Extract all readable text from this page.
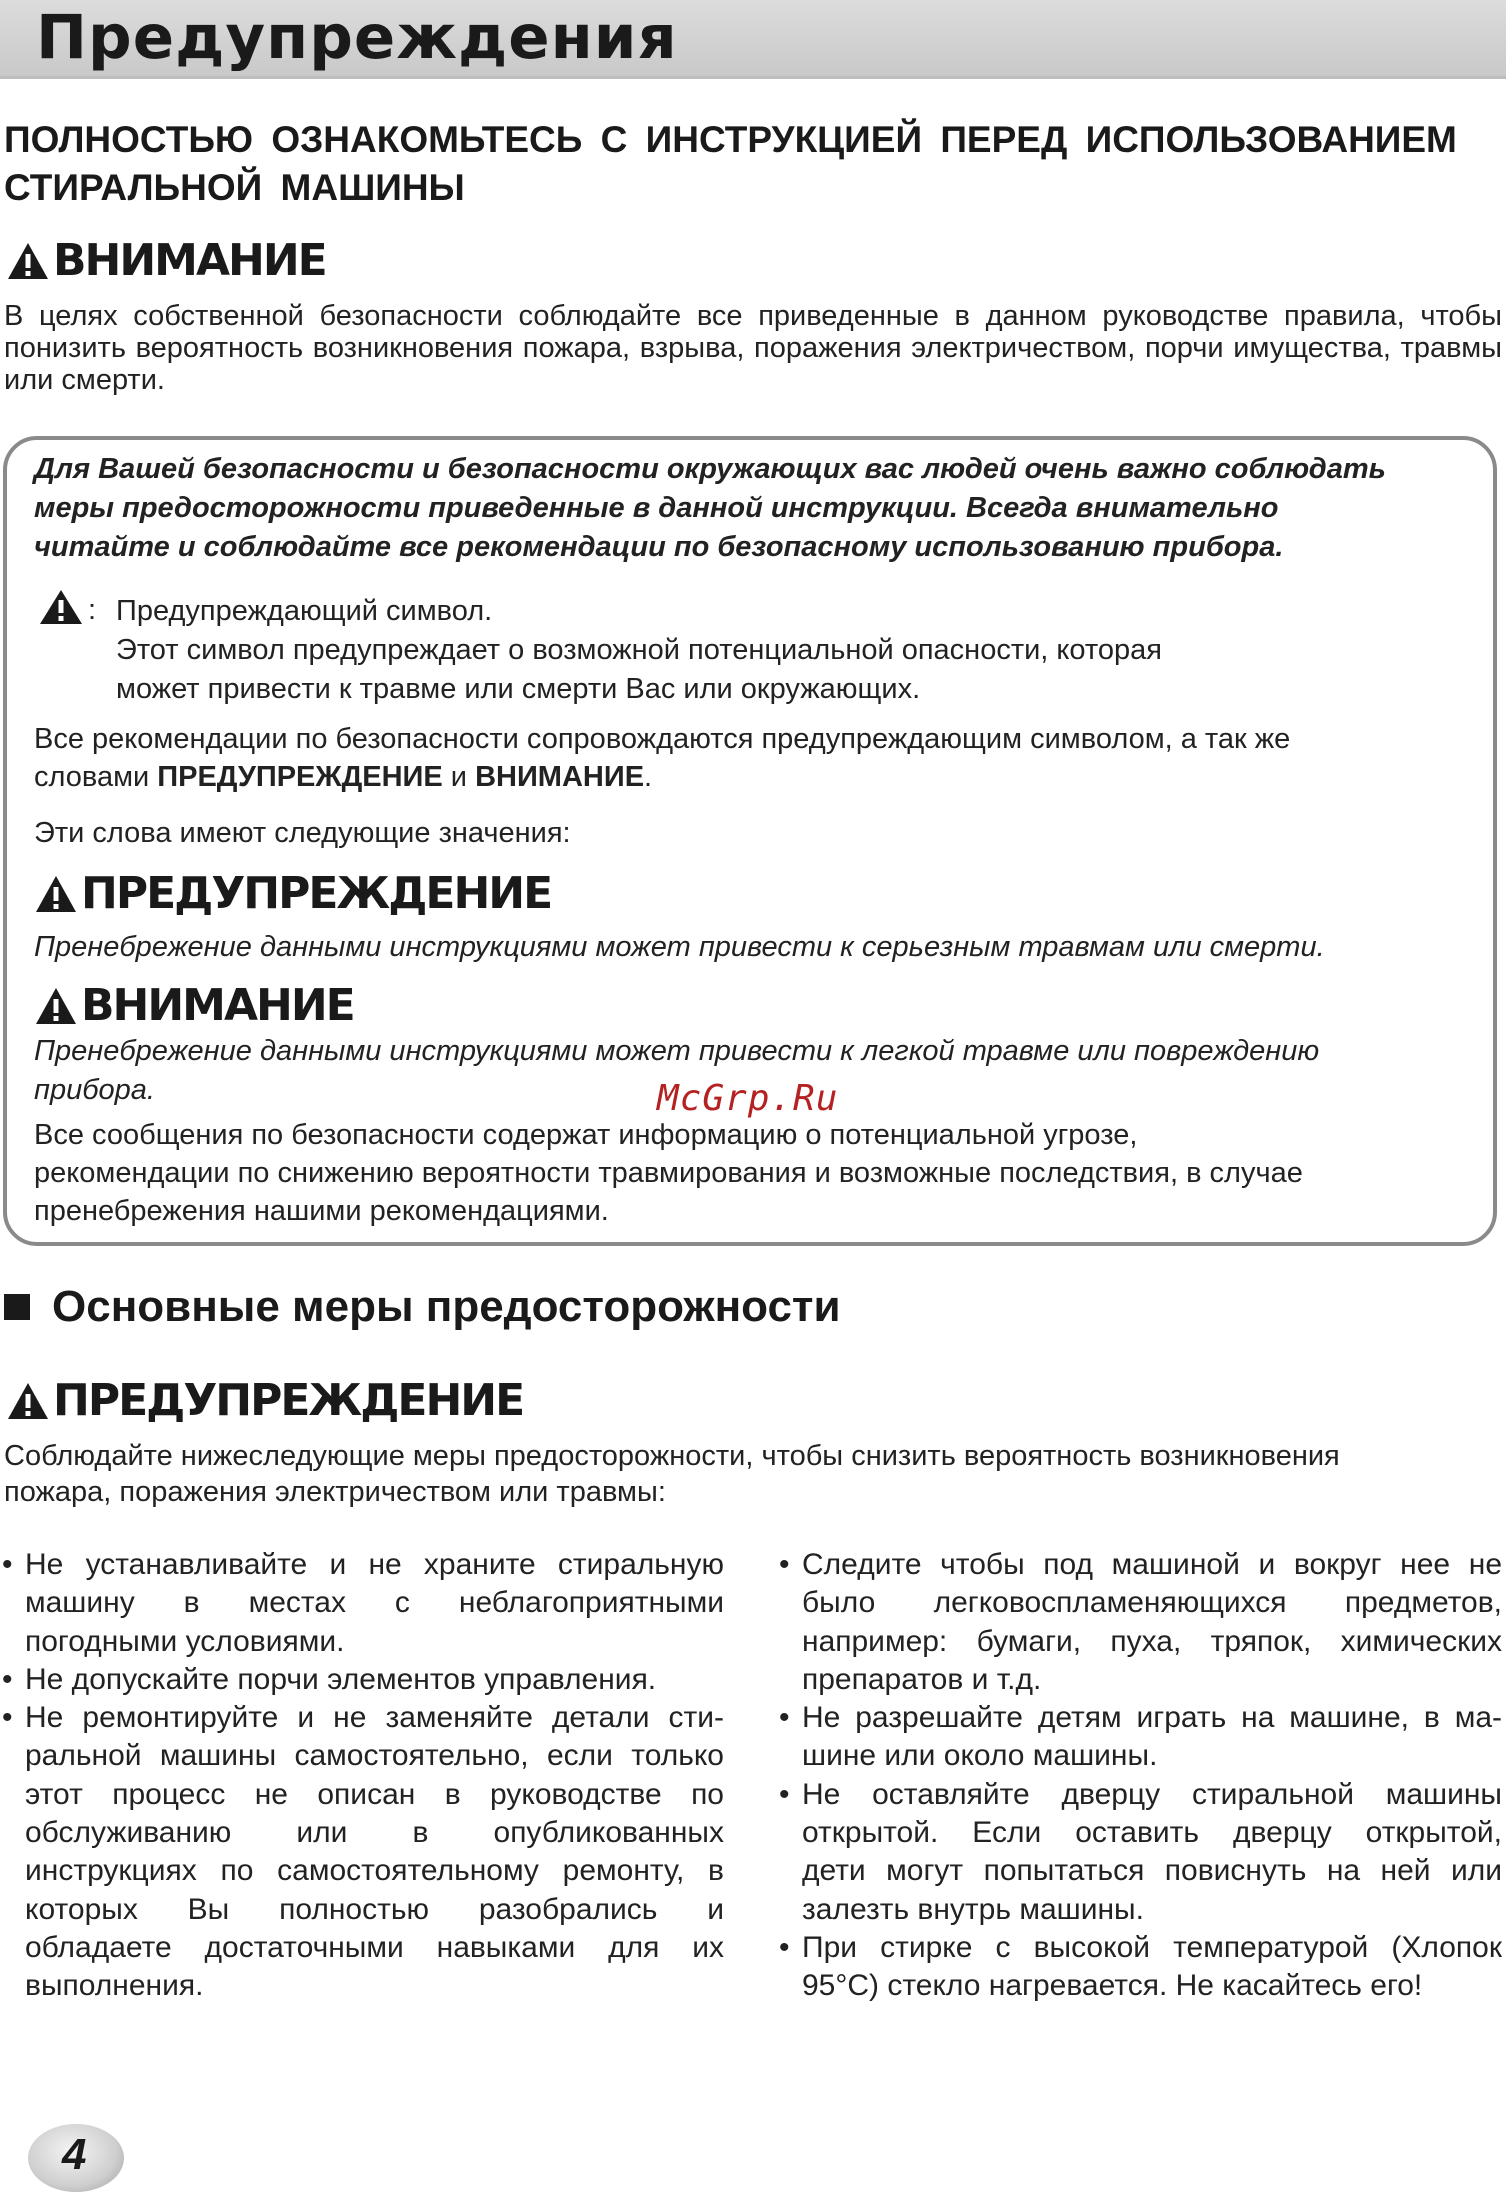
Предупреждения
ПОЛНОСТЬЮ ОЗНАКОМЬТЕСЬ С ИНСТРУКЦИЕЙ ПЕРЕД ИСПОЛЬЗОВАНИЕМ
СТИРАЛЬНОЙ МАШИНЫ
ВНИМАНИЕ
В целях собственной безопасности соблюдайте все приведенные в данном руководстве правила, чтобы понизить вероятность возникновения пожара, взрыва, поражения электричеством, порчи имущества, травмы или смерти.
Для Вашей безопасности и безопасности окружающих вас людей очень важно соблюдать
меры предосторожности приведенные в данной инструкции. Всегда внимательно
читайте и соблюдайте все рекомендации по безопасному использованию прибора.
: Предупреждающий символ.
Этот символ предупреждает о возможной потенциальной опасности, которая
может привести к травме или смерти Вас или окружающих.
Все рекомендации по безопасности сопровождаются предупреждающим символом, а так же
словами ПРЕДУПРЕЖДЕНИЕ и ВНИМАНИЕ.
Эти слова имеют следующие значения:
ПРЕДУПРЕЖДЕНИЕ
Пренебрежение данными инструкциями может привести к серьезным травмам или смерти.
ВНИМАНИЕ
Пренебрежение данными инструкциями может привести к легкой травме или повреждению
прибора.	McGrp.Ru
Все сообщения по безопасности содержат информацию о потенциальной угрозе,
рекомендации по снижению вероятности травмирования и возможные последствия, в случае
пренебрежения нашими рекомендациями.
Основные меры предосторожности
ПРЕДУПРЕЖДЕНИЕ
Соблюдайте нижеследующие меры предосторожности, чтобы снизить вероятность возникновения
пожара, поражения электричеством или травмы:
• Не устанавливайте и не храните стиральную
машину в местах с неблагоприятными
погодными условиями.
• Не допускайте порчи элементов управления.
• Не ремонтируйте и не заменяйте детали сти-
ральной машины самостоятельно, если только
этот процесс не описан в руководстве по
обслуживанию или в опубликованных
инструкциях по самостоятельному ремонту, в
которых Вы полностью разобрались и
обладаете достаточными навыками для их
выполнения.
• Следите чтобы под машиной и вокруг нее не
было легковоспламеняющихся предметов,
например: бумаги, пуха, тряпок, химических
препаратов и т.д.
• Не разрешайте детям играть на машине, в ма-
шине или около машины.
• Не оставляйте дверцу стиральной машины
открытой. Если оставить дверцу открытой,
дети могут попытаться повиснуть на ней или
залезть внутрь машины.
• При стирке с высокой температурой (Хлопок
95°C) стекло нагревается. Не касайтесь его!
4
